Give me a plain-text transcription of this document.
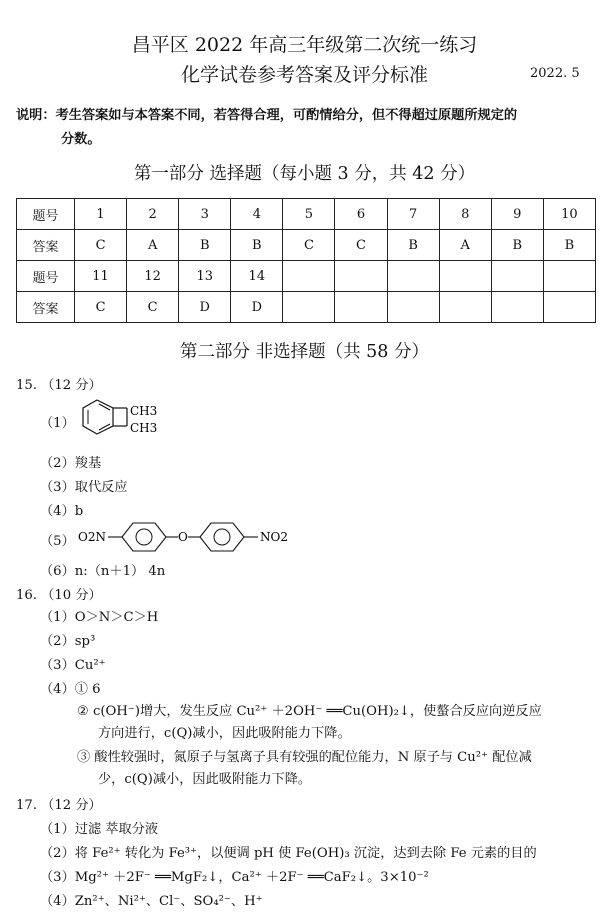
昌平区 2022 年高三年级第二次统一练习
化学试卷参考答案及评分标准	2022. 5
说明：考生答案如与本答案不同，若答得合理，可酌情给分，但不得超过原题所规定的
分数。
第一部分 选择题（每小题 3 分，共 42 分）
题号	1	2	3	4	5	6	7	8	9	10
答案	C	A	B	B	C	C	B	A	B	B
题号	11	12	13	14						
答案	C	C	D	D						
第二部分 非选择题（共 58 分）
15. （12 分）
（1）
CH3
CH3
（2）羧基
（3）取代反应
（4）b
（5） O2N	O	NO2
（6）n:（n＋1） 4n
16. （10 分）
（1）O＞N＞C＞H
（2）sp³
（3）Cu²⁺
（4）① 6
② c(OH⁻)增大，发生反应 Cu²⁺ ＋2OH⁻ ══Cu(OH)₂↓，使螯合反应向逆反应
方向进行，c(Q)减小，因此吸附能力下降。
③ 酸性较强时，氮原子与氢离子具有较强的配位能力，N 原子与 Cu²⁺ 配位减
少，c(Q)减小，因此吸附能力下降。
17. （12 分）
（1）过滤 萃取分液
（2）将 Fe²⁺ 转化为 Fe³⁺，以便调 pH 使 Fe(OH)₃ 沉淀，达到去除 Fe 元素的目的
（3）Mg²⁺ ＋2F⁻ ══MgF₂↓，Ca²⁺ ＋2F⁻ ══CaF₂↓。3×10⁻²
（4）Zn²⁺、Ni²⁺、Cl⁻、SO₄²⁻、H⁺
